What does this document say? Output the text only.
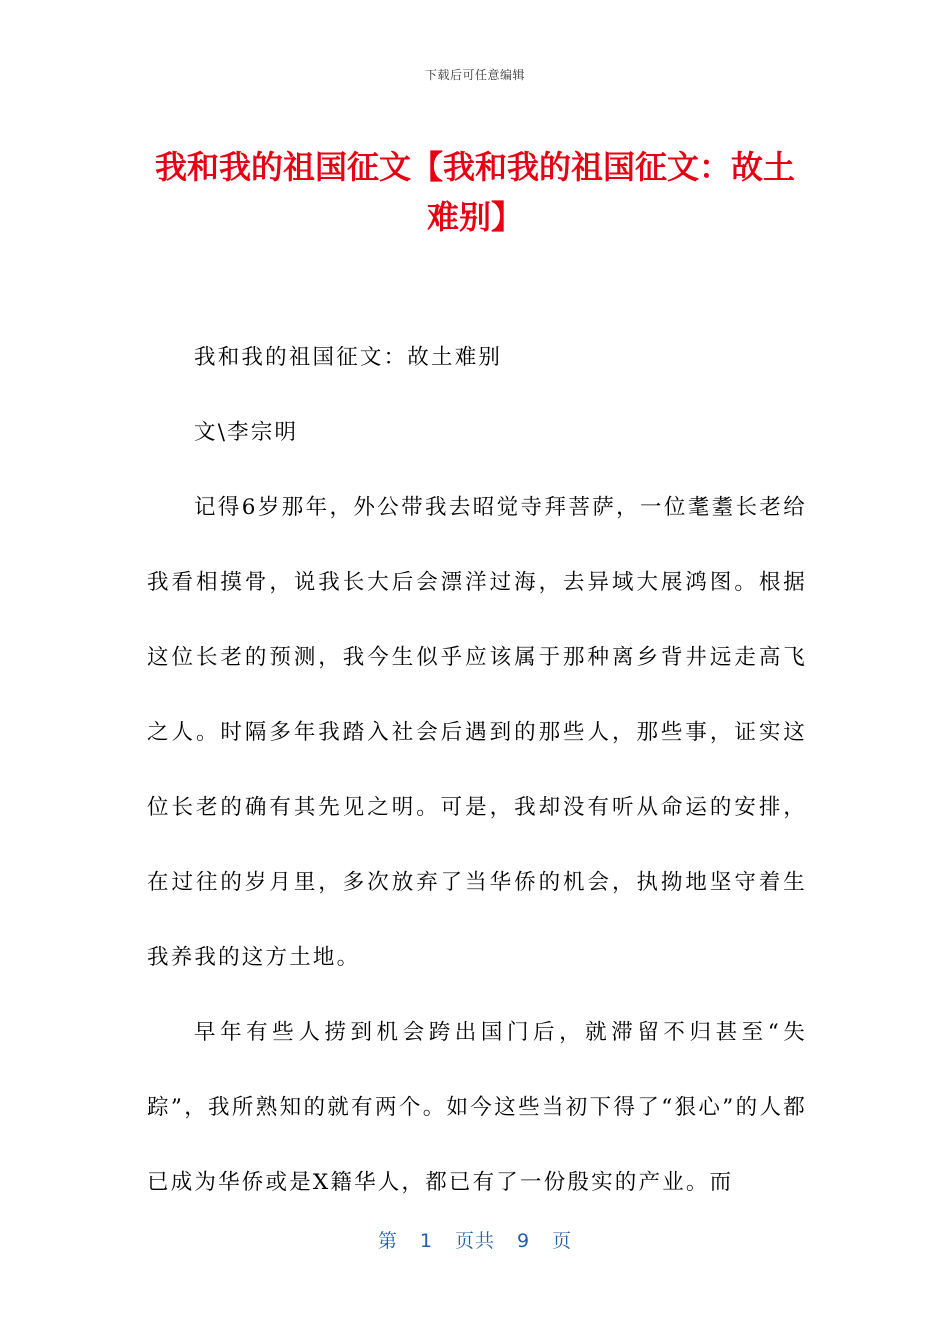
下载后可任意编辑
我和我的祖国征文【我和我的祖国征文：故土难别】

我和我的祖国征文：故土难别

文\李宗明

记得6岁那年，外公带我去昭觉寺拜菩萨，一位耄耋长老给我看相摸骨，说我长大后会漂洋过海，去异域大展鸿图。根据这位长老的预测，我今生似乎应该属于那种离乡背井远走高飞之人。时隔多年我踏入社会后遇到的那些人，那些事，证实这位长老的确有其先见之明。可是，我却没有听从命运的安排，在过往的岁月里，多次放弃了当华侨的机会，执拗地坚守着生我养我的这方土地。

早年有些人捞到机会跨出国门后，就滞留不归甚至“失踪”，我所熟知的就有两个。如今这些当初下得了“狠心”的人都已成为华侨或是X籍华人，都已有了一份殷实的产业。而

第 1 页共 9 页
